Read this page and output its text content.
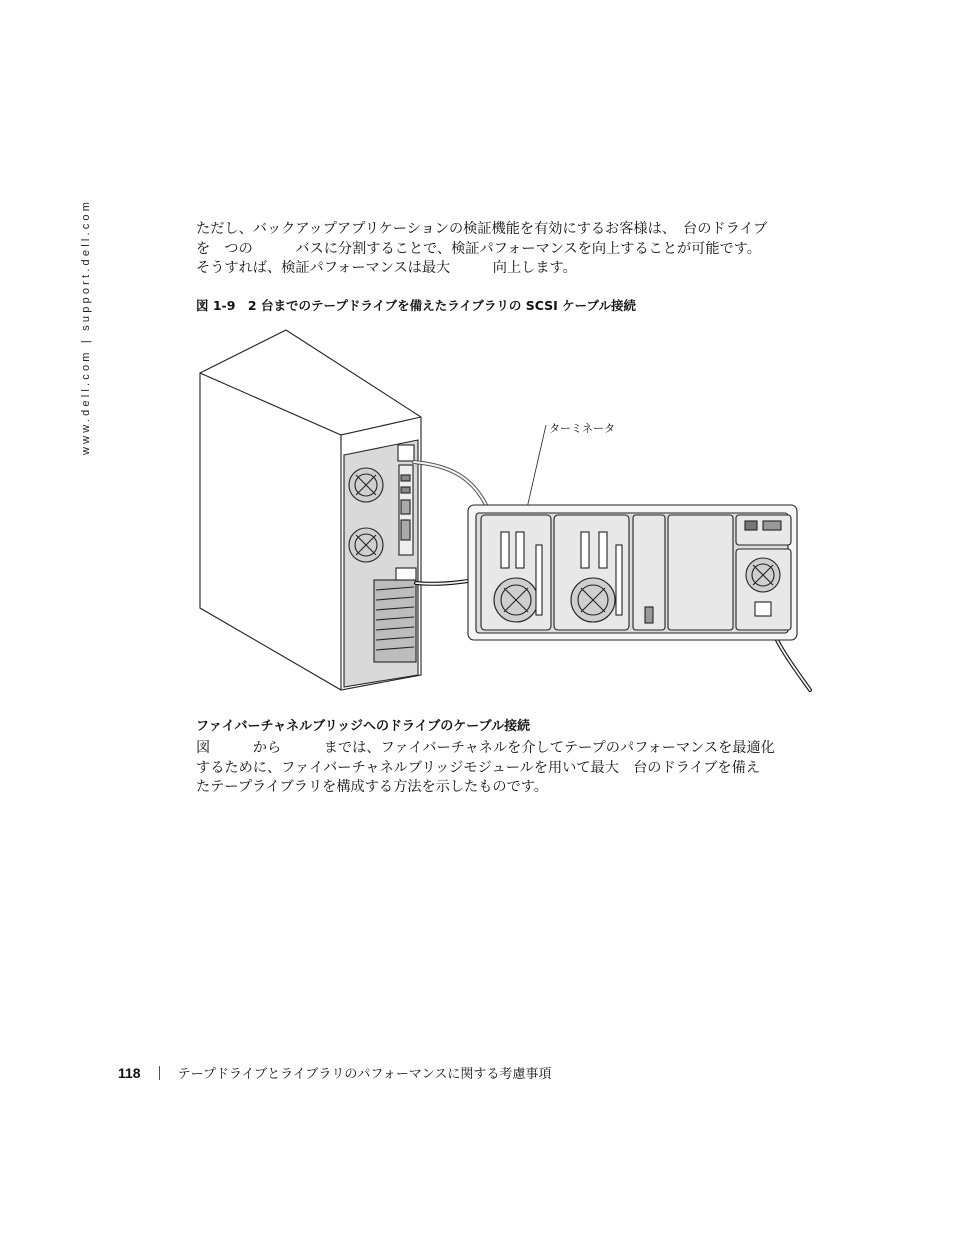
www.dell.com | support.dell.com	ただし、バックアップアプリケーションの検証機能を有効にするお客様は、　台のドライブ
を　つの　　　バスに分割することで、検証パフォーマンスを向上することが可能です。
そうすれば、検証パフォーマンスは最大　　　向上します。
図 1-9　2 台までのテープドライブを備えたライブラリの SCSI ケーブル接続
ターミネータ
ファイバーチャネルブリッジへのドライブのケーブル接続
図　　　から　　　までは、ファイバーチャネルを介してテープのパフォーマンスを最適化
するために、ファイバーチャネルブリッジモジュールを用いて最大　台のドライブを備え
たテープライブラリを構成する方法を示したものです。
118	テープドライブとライブラリのパフォーマンスに関する考慮事項
